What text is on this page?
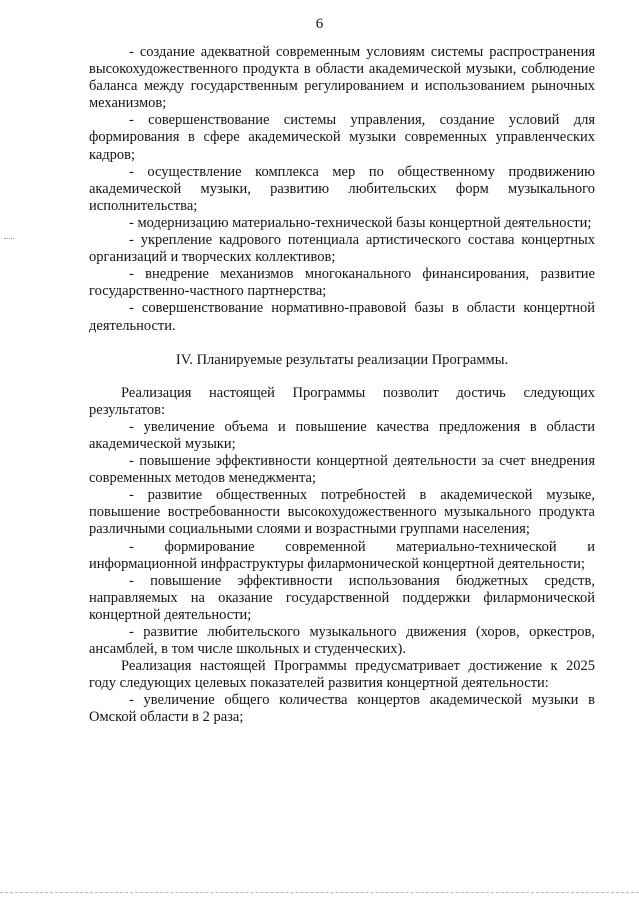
6

- создание адекватной современным условиям системы распространения высокохудожественного продукта в области академической музыки, соблюдение баланса между государственным регулированием и использованием рыночных механизмов;

- совершенствование системы управления, создание условий для формирования в сфере академической музыки современных управленческих кадров;

- осуществление комплекса мер по общественному продвижению академической музыки, развитию любительских форм музыкального исполнительства;

- модернизацию материально-технической базы концертной деятельности;

- укрепление кадрового потенциала артистического состава концертных организаций и творческих коллективов;

- внедрение механизмов многоканального финансирования, развитие государственно-частного партнерства;

- совершенствование нормативно-правовой базы в области концертной деятельности.

IV. Планируемые результаты реализации Программы.

Реализация настоящей Программы позволит достичь следующих результатов:

- увеличение объема и повышение качества предложения в области академической музыки;

- повышение эффективности концертной деятельности за счет внедрения современных методов менеджмента;

- развитие общественных потребностей в академической музыке, повышение востребованности высокохудожественного музыкального продукта различными социальными слоями и возрастными группами населения;

- формирование современной материально-технической и информационной инфраструктуры филармонической концертной деятельности;

- повышение эффективности использования бюджетных средств, направляемых на оказание государственной поддержки филармонической концертной деятельности;

- развитие любительского музыкального движения (хоров, оркестров, ансамблей, в том числе школьных и студенческих).

Реализация настоящей Программы предусматривает достижение к 2025 году следующих целевых показателей развития концертной деятельности:

- увеличение общего количества концертов академической музыки в Омской области в 2 раза;
